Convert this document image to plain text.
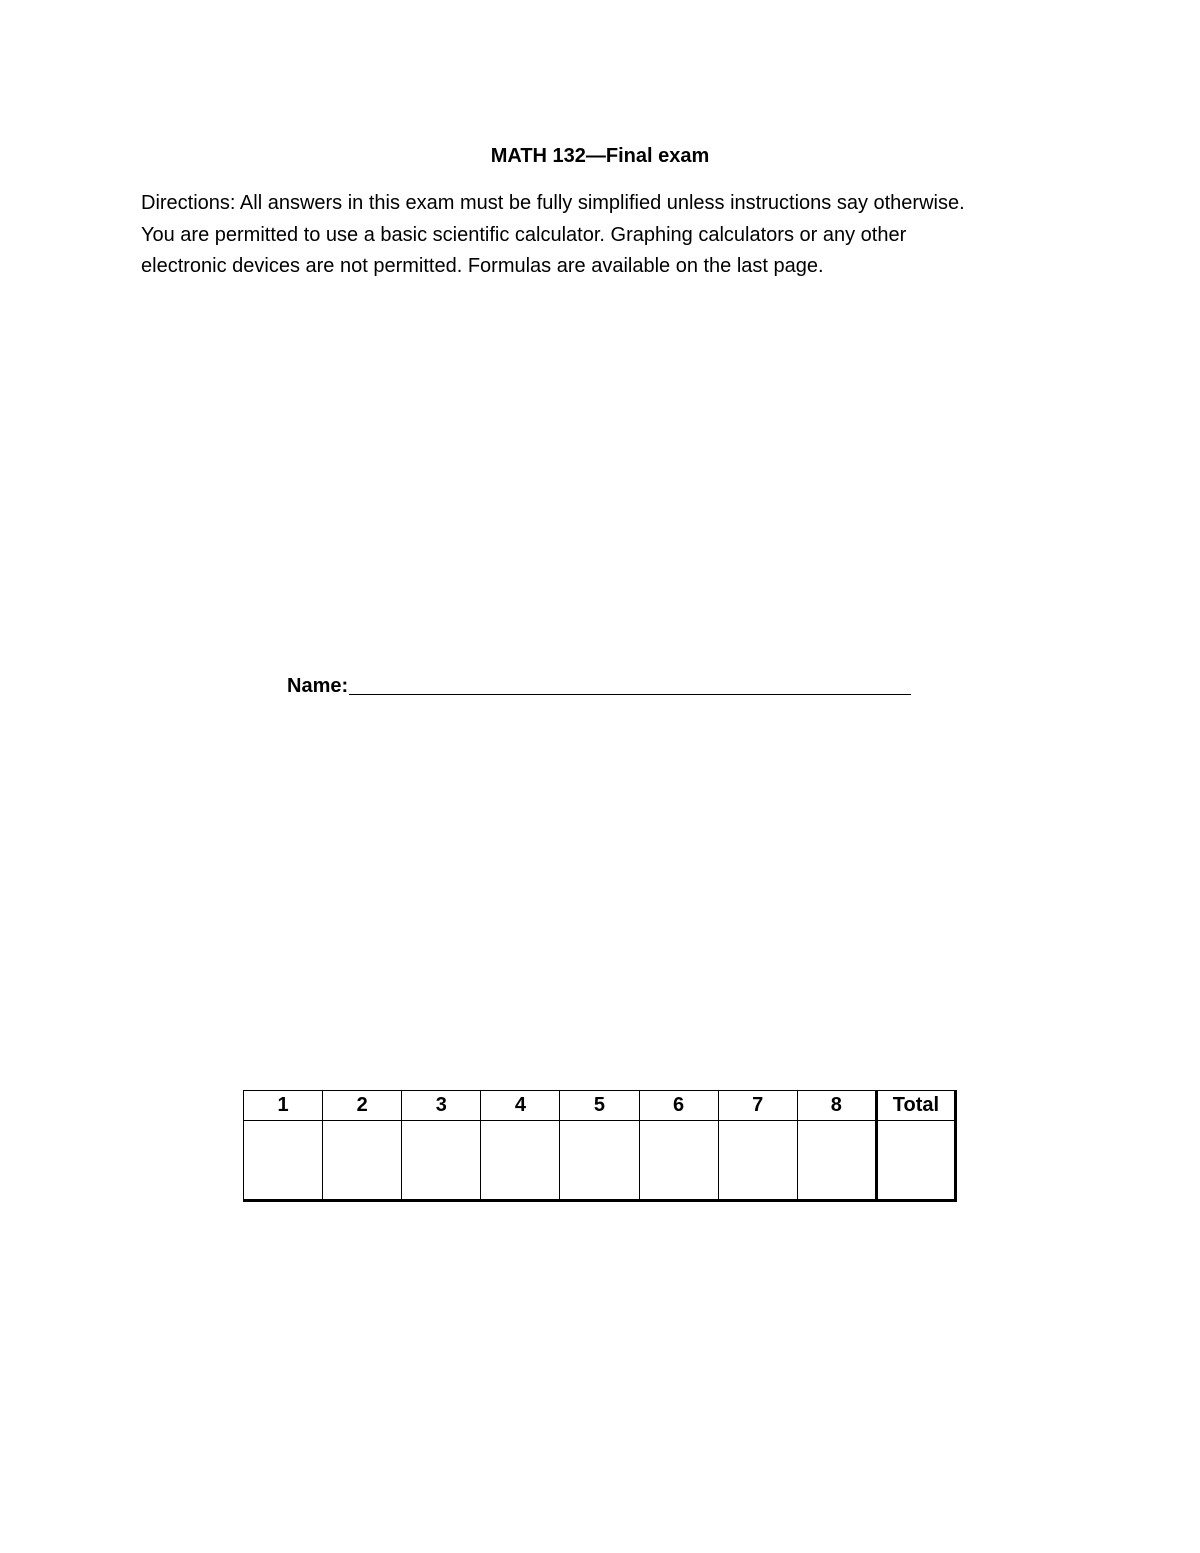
MATH 132—Final exam
Directions: All answers in this exam must be fully simplified unless instructions say otherwise.
You are permitted to use a basic scientific calculator. Graphing calculators or any other
electronic devices are not permitted. Formulas are available on the last page.
Name:
1	2	3	4	5	6	7	8	Total
